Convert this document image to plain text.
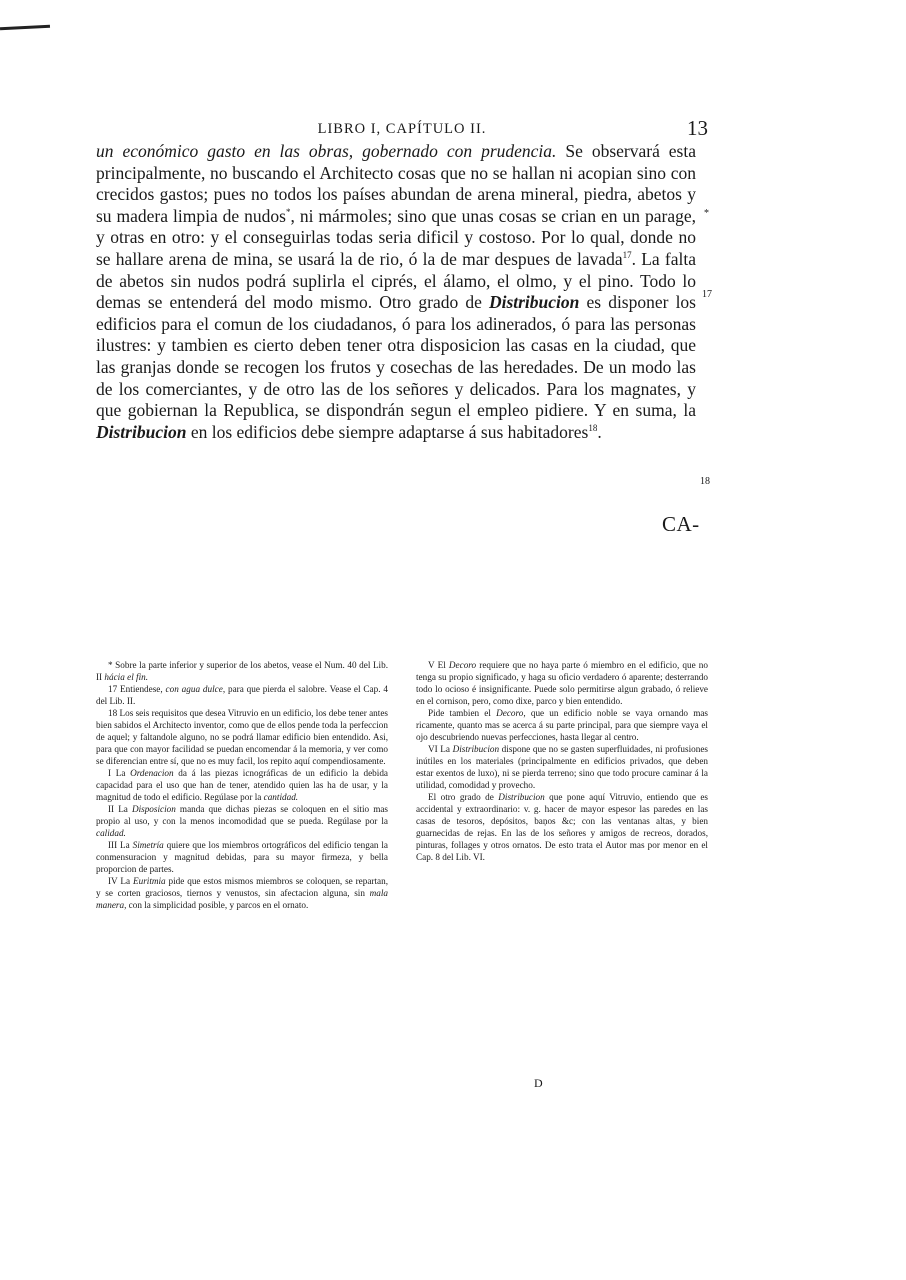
LIBRO I, CAPÍTULO II.	13

un económico gasto en las obras, gobernado con prudencia. Se observará esta principalmente, no buscando el Architecto cosas que no se hallan ni acopian sino con crecidos gastos; pues no todos los países abundan de arena mineral, piedra, abetos y su madera limpia de nudos*, ni mármoles; sino que unas cosas se crian en un parage, y otras en otro: y el conseguirlas todas seria dificil y costoso. Por lo qual, donde no se hallare arena de mina, se usará la de rio, ó la de mar despues de lavada$^{17}$. La falta de abetos sin nudos podrá suplirla el ciprés, el álamo, el olmo, y el pino. Todo lo demas se entenderá del modo mismo. Otro grado de Distribucion es disponer los edificios para el comun de los ciudadanos, ó para los adinerados, ó para las personas ilustres: y tambien es cierto deben tener otra disposicion las casas en la ciudad, que las granjas donde se recogen los frutos y cosechas de las heredades. De un modo las de los comerciantes, y de otro las de los señores y delicados. Para los magnates, y que gobiernan la Republica, se dispondrán segun el empleo pidiere. Y en suma, la Distribucion en los edificios debe siempre adaptarse á sus habitadores$^{18}$.

*
17
18
CA-

* Sobre la parte inferior y superior de los abetos, vease el Num. 40 del Lib. II hácia el fin.

17 Entiendese, con agua dulce, para que pierda el salobre. Vease el Cap. 4 del Lib. II.

18 Los seis requisitos que desea Vitruvio en un edificio, los debe tener antes bien sabidos el Architecto inventor, como que de ellos pende toda la perfeccion de aquel; y faltandole alguno, no se podrá llamar edificio bien entendido. Asi, para que con mayor facilidad se puedan encomendar á la memoria, y ver como se diferencian entre sí, que no es muy facil, los repito aquí compendiosamente.

I La Ordenacion da á las piezas icnográficas de un edificio la debida capacidad para el uso que han de tener, atendido quien las ha de usar, y la magnitud de todo el edificio. Regúlase por la cantidad.

II La Disposicion manda que dichas piezas se coloquen en el sitio mas propio al uso, y con la menos incomodidad que se pueda. Regúlase por la calidad.

III La Simetría quiere que los miembros ortográficos del edificio tengan la conmensuracion y magnitud debidas, para su mayor firmeza, y bella proporcion de partes.

IV La Euritmia pide que estos mismos miembros se coloquen, se repartan, y se corten graciosos, tiernos y venustos, sin afectacion alguna, sin mala manera, con la simplicidad posible, y parcos en el ornato.

V El Decoro requiere que no haya parte ó miembro en el edificio, que no tenga su propio significado, y haga su oficio verdadero ó aparente; desterrando todo lo ocioso é insignificante. Puede solo permitirse algun grabado, ó relieve en el cornison, pero, como dixe, parco y bien entendido.

Pide tambien el Decoro, que un edificio noble se vaya ornando mas ricamente, quanto mas se acerca á su parte principal, para que siempre vaya el ojo descubriendo nuevas perfecciones, hasta llegar al centro.

VI La Distribucion dispone que no se gasten superfluidades, ni profusiones inútiles en los materiales (principalmente en edificios privados, que deben estar exentos de luxo), ni se pierda terreno; sino que todo procure caminar á la utilidad, comodidad y provecho.

El otro grado de Distribucion que pone aquí Vitruvio, entiendo que es accidental y extraordinario: v. g. hacer de mayor espesor las paredes en las casas de tesoros, depósitos, baņos &c; con las ventanas altas, y bien guarnecidas de rejas. En las de los señores y amigos de recreos, dorados, pinturas, follages y otros ornatos. De esto trata el Autor mas por menor en el Cap. 8 del Lib. VI.

D
